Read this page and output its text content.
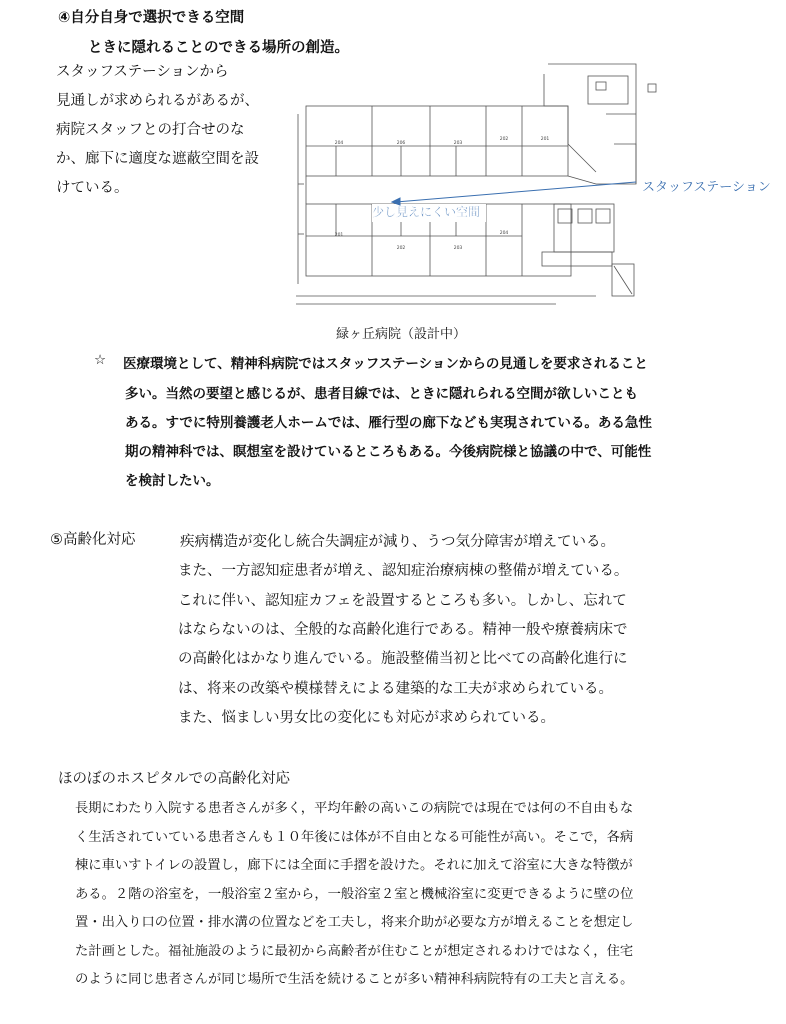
④自分自身で選択できる空間
ときに隠れることのできる場所の創造。
スタッフステーションから
見通しが求められるがあるが、
病院スタッフとの打合せのな
か、廊下に適度な遮蔽空間を設
けている。
204	206	203
202	201
201
202	203
204
少し見えにくい空間
スタッフステーション
緑ヶ丘病院（設計中）
☆ 医療環境として、精神科病院ではスタッフステーションからの見通しを要求されること
多い。当然の要望と感じるが、患者目線では、ときに隠れられる空間が欲しいことも
ある。すでに特別養護老人ホームでは、雁行型の廊下なども実現されている。ある急性
期の精神科では、瞑想室を設けているところもある。今後病院様と協議の中で、可能性
を検討したい。
⑤高齢化対応	疾病構造が変化し統合失調症が減り、うつ気分障害が増えている。
また、一方認知症患者が増え、認知症治療病棟の整備が増えている。
これに伴い、認知症カフェを設置するところも多い。しかし、忘れて
はならないのは、全般的な高齢化進行である。精神一般や療養病床で
の高齢化はかなり進んでいる。施設整備当初と比べての高齢化進行に
は、将来の改築や模様替えによる建築的な工夫が求められている。
また、悩ましい男女比の変化にも対応が求められている。
ほのぼのホスピタルでの高齢化対応
長期にわたり入院する患者さんが多く，平均年齢の高いこの病院では現在では何の不自由もな
く生活されていている患者さんも１０年後には体が不自由となる可能性が高い。そこで，各病
棟に車いすトイレの設置し，廊下には全面に手摺を設けた。それに加えて浴室に大きな特徴が
ある。２階の浴室を，一般浴室２室から，一般浴室２室と機械浴室に変更できるように壁の位
置・出入り口の位置・排水溝の位置などを工夫し，将来介助が必要な方が増えることを想定し
た計画とした。福祉施設のように最初から高齢者が住むことが想定されるわけではなく，住宅
のように同じ患者さんが同じ場所で生活を続けることが多い精神科病院特有の工夫と言える。
